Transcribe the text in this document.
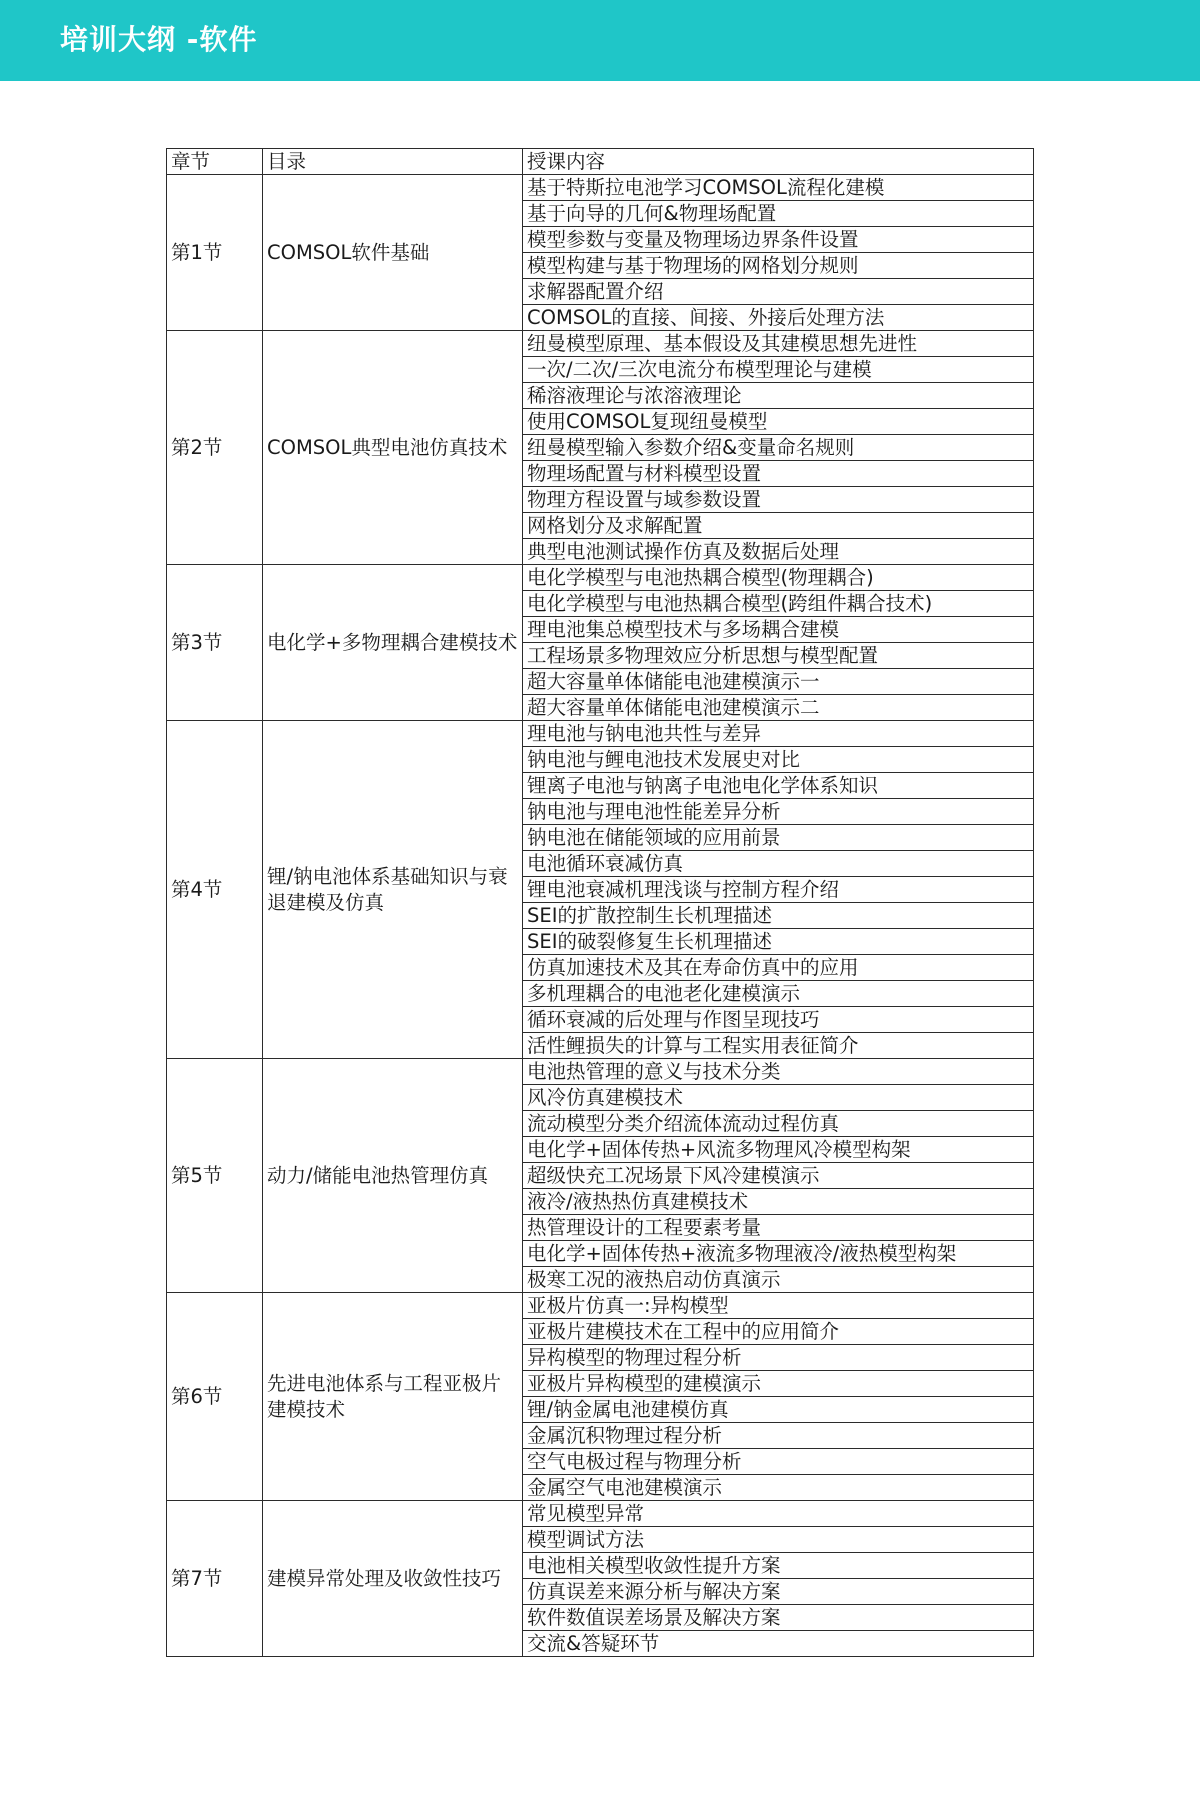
培训大纲 -软件
章节	目录	授课内容
第1节	COMSOL软件基础	基于特斯拉电池学习COMSOL流程化建模
		基于向导的几何&物理场配置
		模型参数与变量及物理场边界条件设置
		模型构建与基于物理场的网格划分规则
		求解器配置介绍
		COMSOL的直接、间接、外接后处理方法
第2节	COMSOL典型电池仿真技术	纽曼模型原理、基本假设及其建模思想先进性
		一次/二次/三次电流分布模型理论与建模
		稀溶液理论与浓溶液理论
		使用COMSOL复现纽曼模型
		纽曼模型输入参数介绍&变量命名规则
		物理场配置与材料模型设置
		物理方程设置与域参数设置
		网格划分及求解配置
		典型电池测试操作仿真及数据后处理
第3节	电化学+多物理耦合建模技术	电化学模型与电池热耦合模型(物理耦合)
		电化学模型与电池热耦合模型(跨组件耦合技术)
		理电池集总模型技术与多场耦合建模
		工程场景多物理效应分析思想与模型配置
		超大容量单体储能电池建模演示一
		超大容量单体储能电池建模演示二
第4节	锂/钠电池体系基础知识与衰退建模及仿真	理电池与钠电池共性与差异
		钠电池与鲤电池技术发展史对比
		锂离子电池与钠离子电池电化学体系知识
		钠电池与理电池性能差异分析
		钠电池在储能领域的应用前景
		电池循环衰减仿真
		锂电池衰减机理浅谈与控制方程介绍
		SEI的扩散控制生长机理描述
		SEI的破裂修复生长机理描述
		仿真加速技术及其在寿命仿真中的应用
		多机理耦合的电池老化建模演示
		循环衰减的后处理与作图呈现技巧
		活性鲤损失的计算与工程实用表征简介
第5节	动力/储能电池热管理仿真	电池热管理的意义与技术分类
		风冷仿真建模技术
		流动模型分类介绍流体流动过程仿真
		电化学+固体传热+风流多物理风冷模型构架
		超级快充工况场景下风冷建模演示
		液冷/液热热仿真建模技术
		热管理设计的工程要素考量
		电化学+固体传热+液流多物理液冷/液热模型构架
		极寒工况的液热启动仿真演示
第6节	先进电池体系与工程亚极片建模技术	亚极片仿真一:异构模型
		亚极片建模技术在工程中的应用简介
		异构模型的物理过程分析
		亚极片异构模型的建模演示
		锂/钠金属电池建模仿真
		金属沉积物理过程分析
		空气电极过程与物理分析
		金属空气电池建模演示
第7节	建模异常处理及收敛性技巧	常见模型异常
		模型调试方法
		电池相关模型收敛性提升方案
		仿真误差来源分析与解决方案
		软件数值误差场景及解决方案
		交流&答疑环节
